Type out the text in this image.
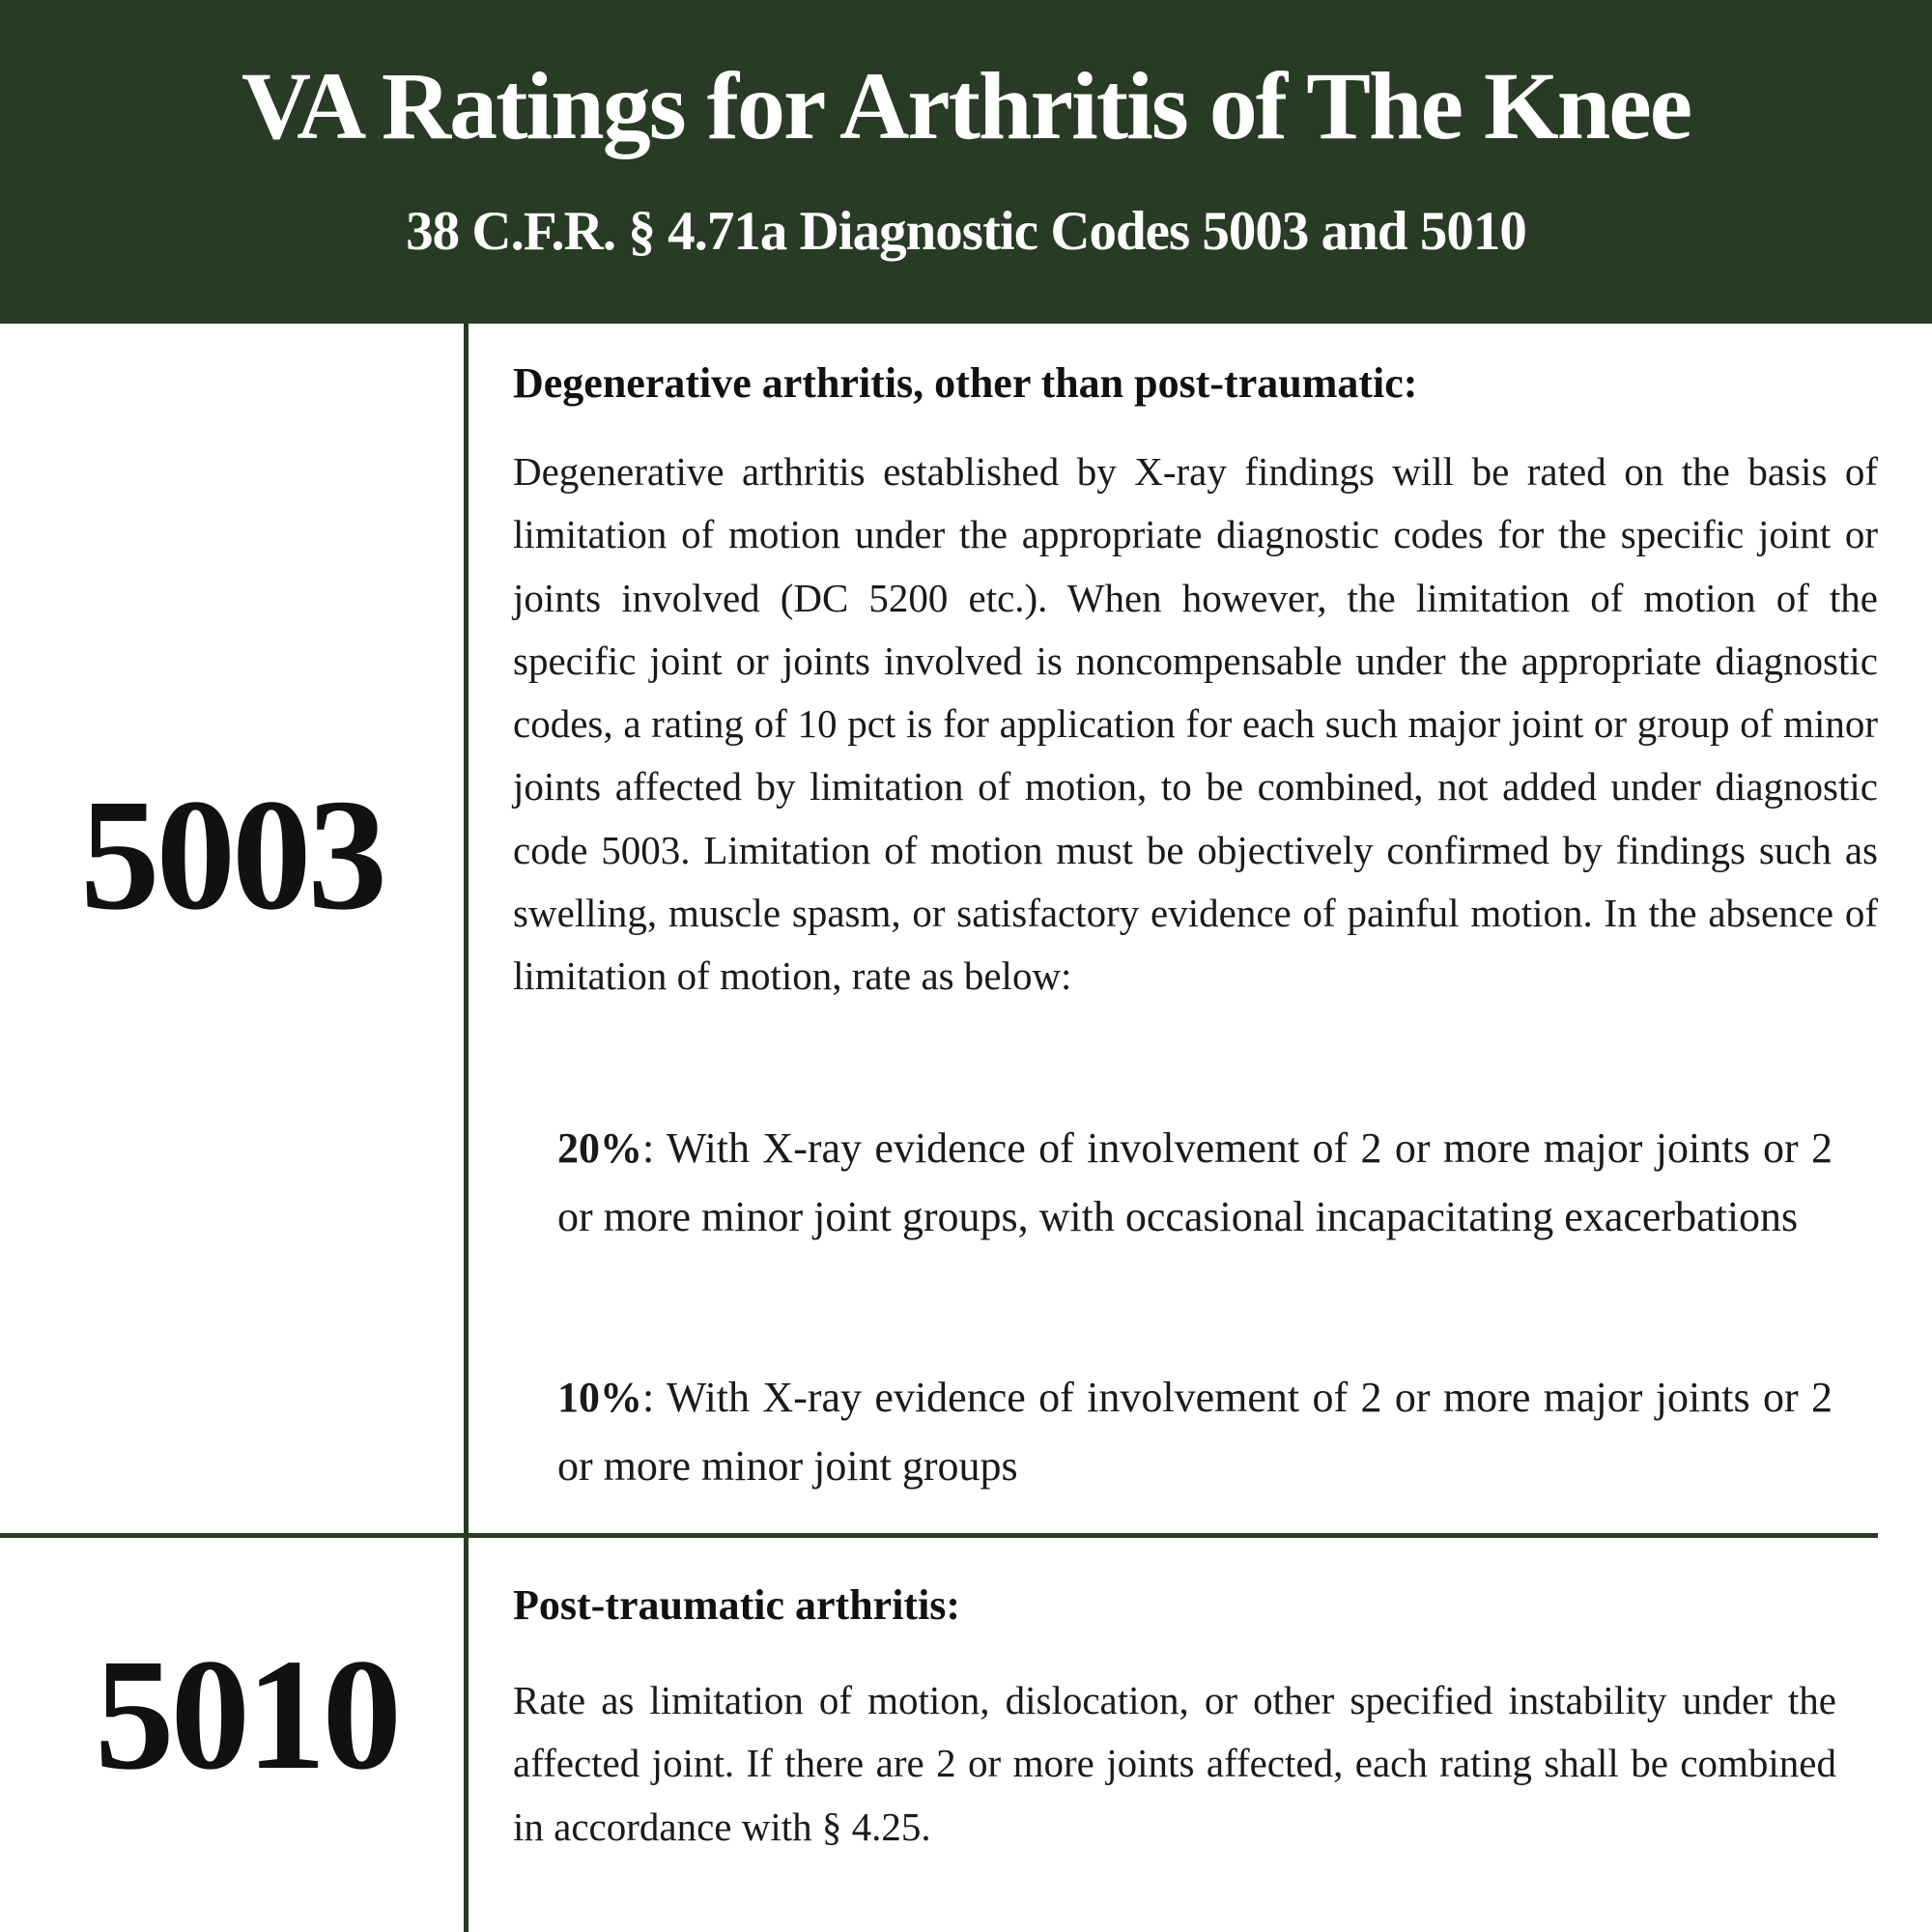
VA Ratings for Arthritis of The Knee
38 C.F.R. § 4.71a Diagnostic Codes 5003 and 5010
5003
Degenerative arthritis, other than post-traumatic:

Degenerative arthritis established by X-ray findings will be rated on the basis of limitation of motion under the appropriate diagnostic codes for the specific joint or joints involved (DC 5200 etc.). When however, the limitation of motion of the specific joint or joints involved is noncompensable under the appropriate diagnostic codes, a rating of 10 pct is for application for each such major joint or group of minor joints affected by limitation of motion, to be combined, not added under diagnostic code 5003. Limitation of motion must be objectively confirmed by findings such as swelling, muscle spasm, or satisfactory evidence of painful motion. In the absence of limitation of motion, rate as below:

20%: With X-ray evidence of involvement of 2 or more major joints or 2 or more minor joint groups, with occasional incapacitating exacerbations

10%: With X-ray evidence of involvement of 2 or more major joints or 2 or more minor joint groups

5010
Post-traumatic arthritis:

Rate as limitation of motion, dislocation, or other specified instability under the affected joint. If there are 2 or more joints affected, each rating shall be combined in accordance with § 4.25.
